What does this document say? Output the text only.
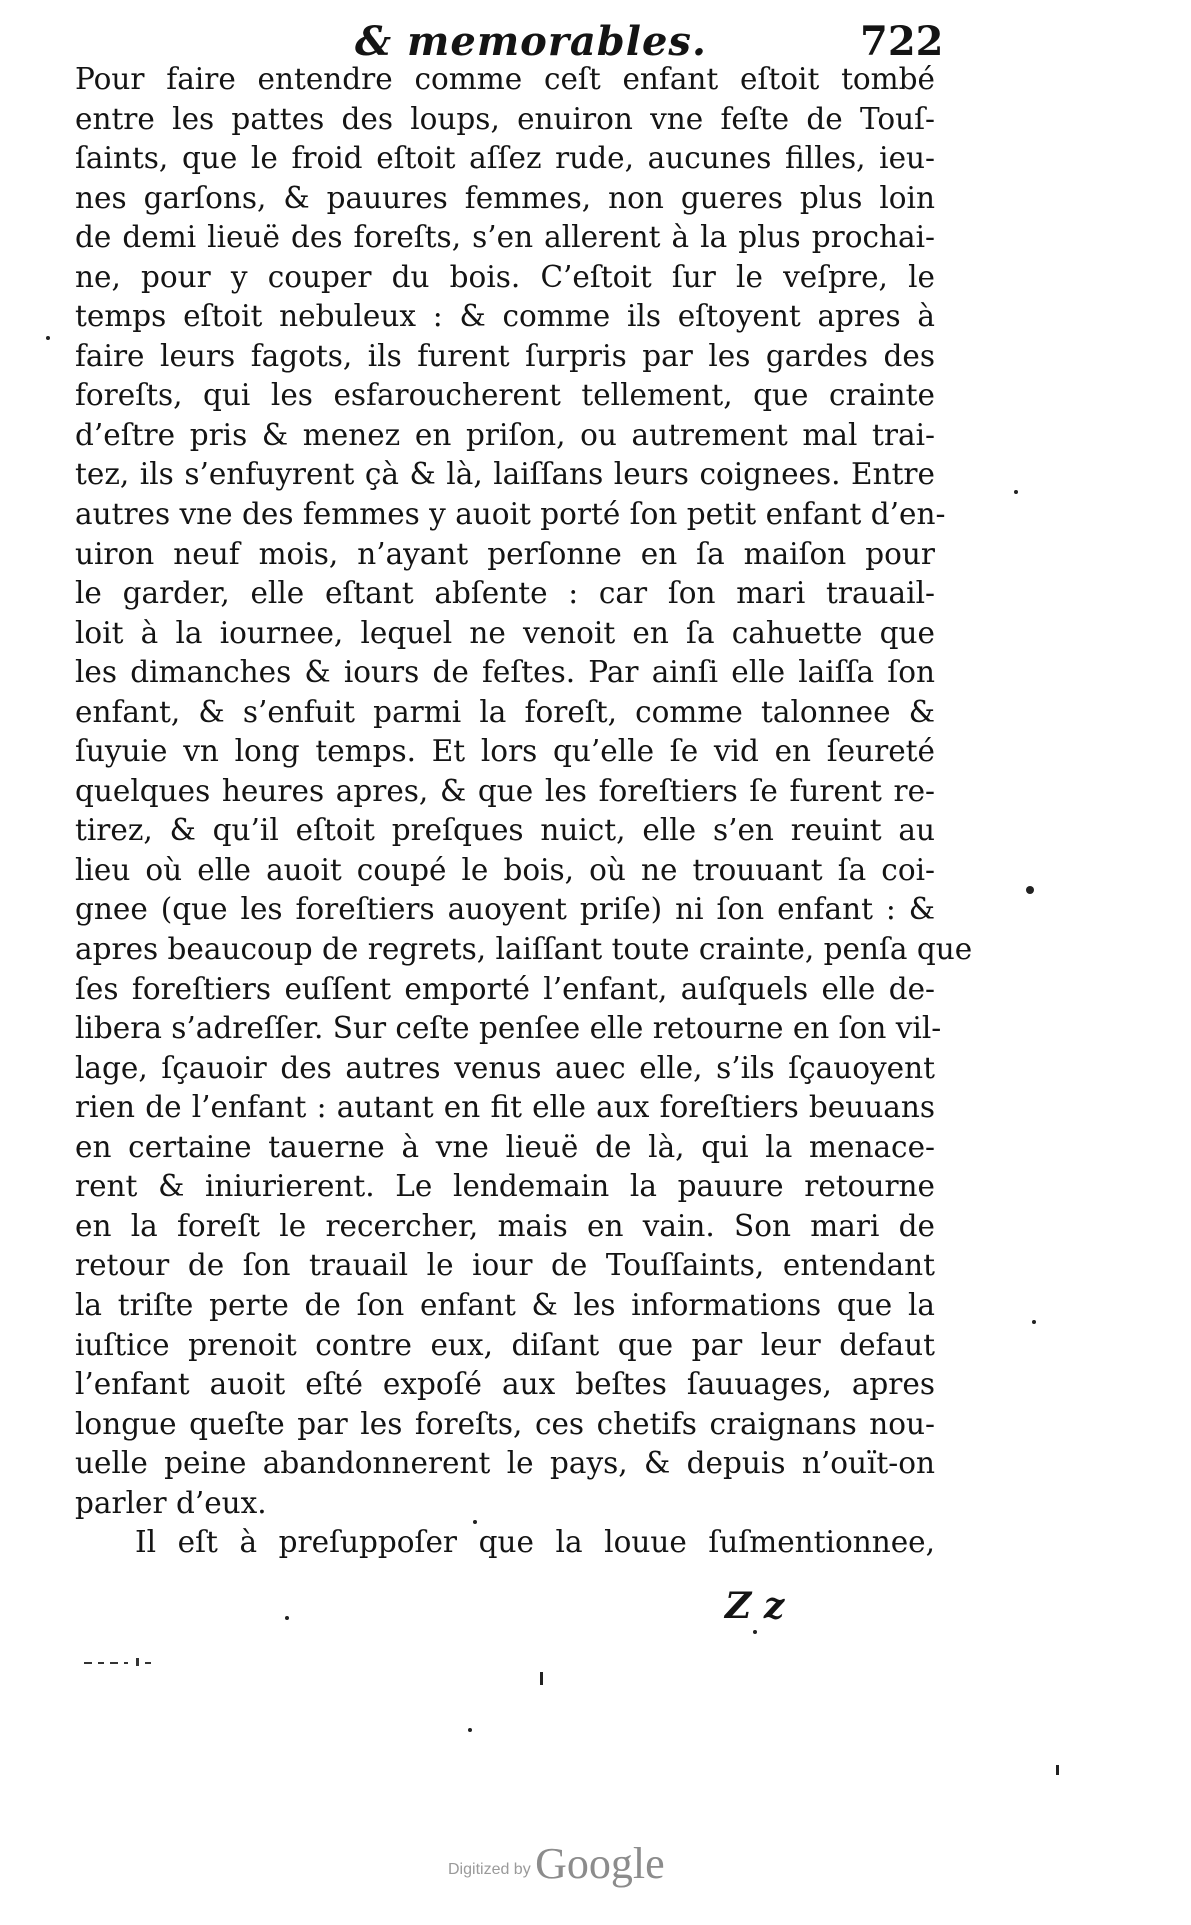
& memorables.	722
Pour faire entendre comme ceſt enfant eſtoit tombé
entre les pattes des loups, enuiron vne feſte de Touſ-
ſaints, que le froid eſtoit aſſez rude, aucunes filles, ieu-
nes garſons, & pauures femmes, non gueres plus loin
de demi lieuë des foreſts, s’en allerent à la plus prochai-
ne, pour y couper du bois. C’eſtoit ſur le veſpre, le
temps eſtoit nebuleux : & comme ils eſtoyent apres à
faire leurs fagots, ils furent ſurpris par les gardes des
foreſts, qui les esfaroucherent tellement, que crainte
d’eſtre pris & menez en priſon, ou autrement mal trai-
tez, ils s’enfuyrent çà & là, laiſſans leurs coignees. Entre
autres vne des femmes y auoit porté ſon petit enfant d’en-
uiron neuf mois, n’ayant perſonne en ſa maiſon pour
le garder, elle eſtant abſente : car ſon mari trauail-
loit à la iournee, lequel ne venoit en ſa cahuette que
les dimanches & iours de feſtes. Par ainſi elle laiſſa ſon
enfant, & s’enfuit parmi la foreſt, comme talonnee &
ſuyuie vn long temps. Et lors qu’elle ſe vid en ſeureté
quelques heures apres, & que les foreſtiers ſe furent re-
tirez, & qu’il eſtoit preſques nuict, elle s’en reuint au
lieu où elle auoit coupé le bois, où ne trouuant ſa coi-
gnee (que les foreſtiers auoyent priſe) ni ſon enfant : &
apres beaucoup de regrets, laiſſant toute crainte, penſa que
ſes foreſtiers euſſent emporté l’enfant, auſquels elle de-
libera s’adreſſer. Sur ceſte penſee elle retourne en ſon vil-
lage, ſçauoir des autres venus auec elle, s’ils ſçauoyent
rien de l’enfant : autant en fit elle aux foreſtiers beuuans
en certaine tauerne à vne lieuë de là, qui la menace-
rent & iniurierent. Le lendemain la pauure retourne
en la foreſt le recercher, mais en vain. Son mari de
retour de ſon trauail le iour de Touſſaints, entendant
la triſte perte de ſon enfant & les informations que la
iuſtice prenoit contre eux, diſant que par leur defaut
l’enfant auoit eſté expoſé aux beſtes ſauuages, apres
longue queſte par les foreſts, ces chetifs craignans nou-
uelle peine abandonnerent le pays, & depuis n’ouït-on
parler d’eux.
Il eſt à preſuppoſer que la louue ſuſmentionnee,
Z z
Digitized by Google
